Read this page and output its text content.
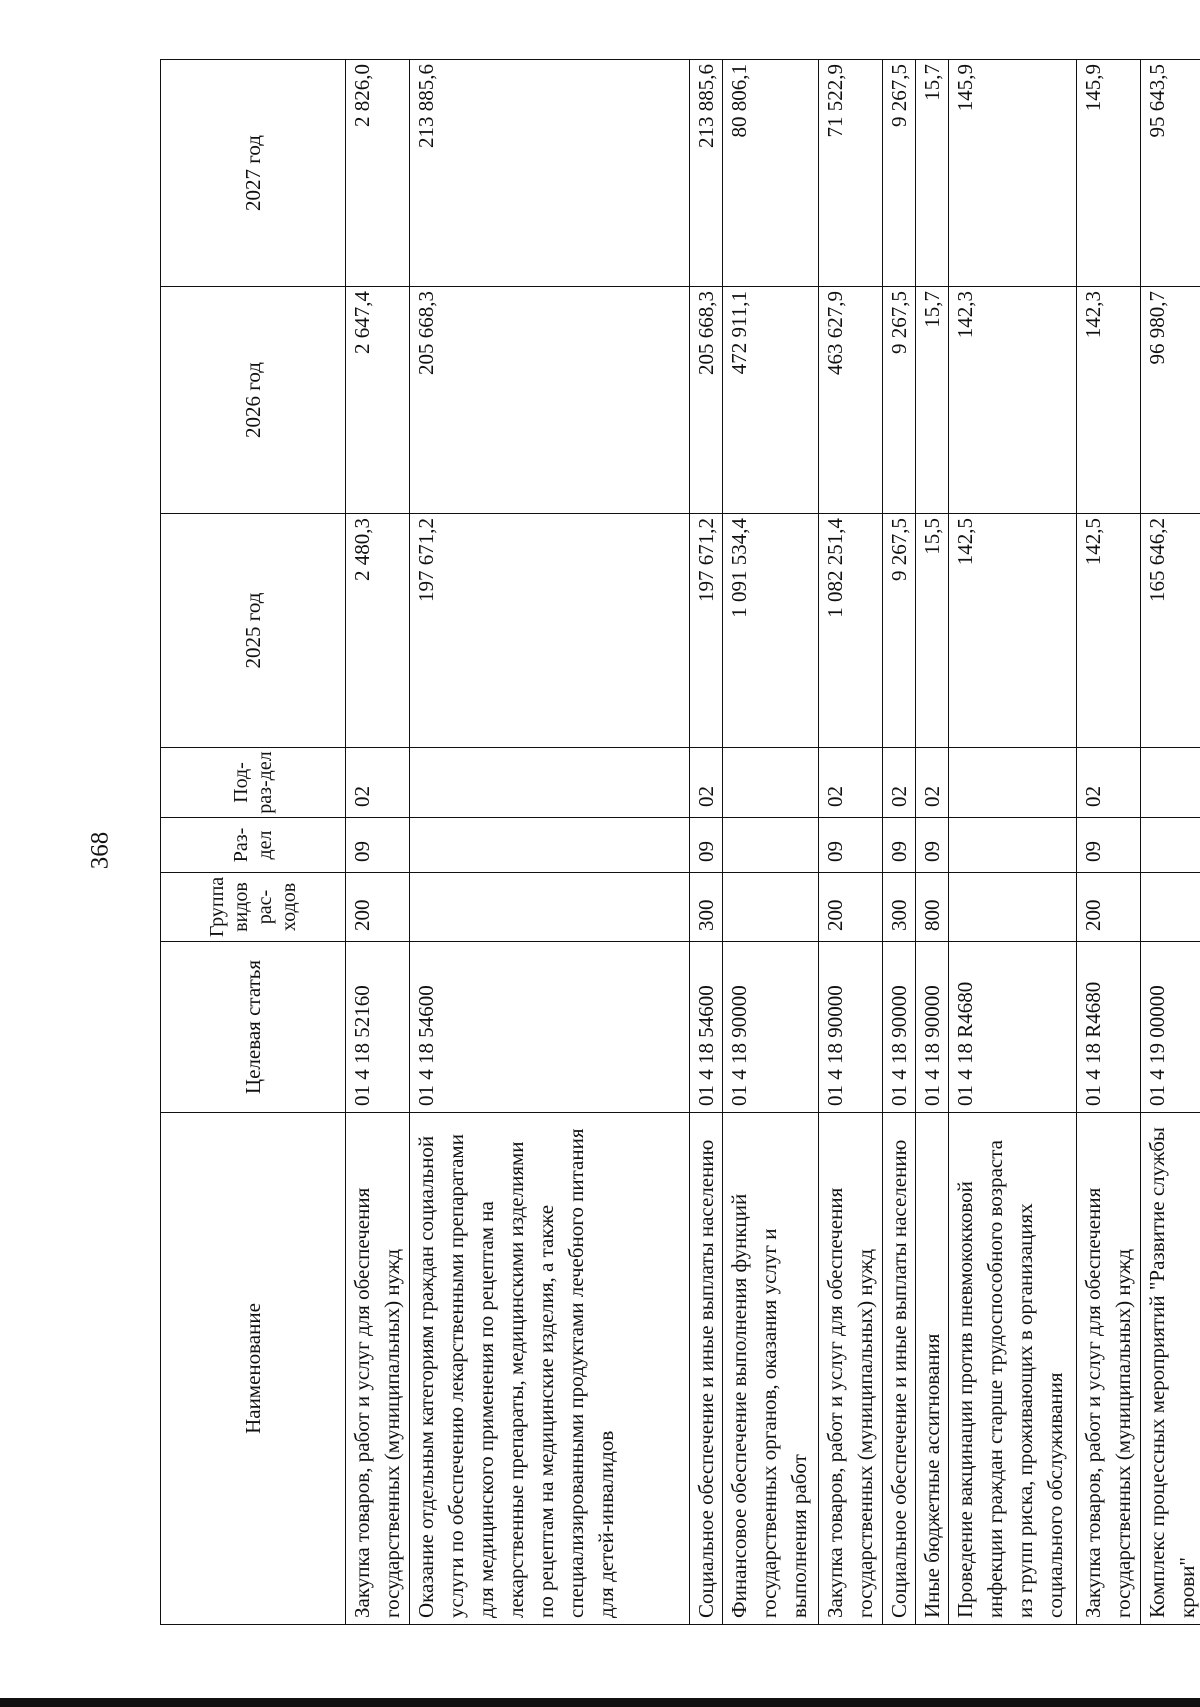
368
Наименование	Целевая статья	Группа видов рас-ходов	Раз-дел	Под-раз-дел	2025 год	2026 год	2027 год
Закупка товаров, работ и услуг для обеспечения государственных (муниципальных) нужд	01 4 18 52160	200	09	02	2 480,3	2 647,4	2 826,0
Оказание отдельным категориям граждан социальной услуги по обеспечению лекарственными препаратами для медицинского применения по рецептам на лекарственные препараты, медицинскими изделиями по рецептам на медицинские изделия, а также специализированными продуктами лечебного питания для детей-инвалидов	01 4 18 54600				197 671,2	205 668,3	213 885,6
Социальное обеспечение и иные выплаты населению	01 4 18 54600	300	09	02	197 671,2	205 668,3	213 885,6
Финансовое обеспечение выполнения функций государственных органов, оказания услуг и выполнения работ	01 4 18 90000				1 091 534,4	472 911,1	80 806,1
Закупка товаров, работ и услуг для обеспечения государственных (муниципальных) нужд	01 4 18 90000	200	09	02	1 082 251,4	463 627,9	71 522,9
Социальное обеспечение и иные выплаты населению	01 4 18 90000	300	09	02	9 267,5	9 267,5	9 267,5
Иные бюджетные ассигнования	01 4 18 90000	800	09	02	15,5	15,7	15,7
Проведение вакцинации против пневмококковой инфекции граждан старше трудоспособного возраста из групп риска, проживающих в организациях социального обслуживания	01 4 18 R4680				142,5	142,3	145,9
Закупка товаров, работ и услуг для обеспечения государственных (муниципальных) нужд	01 4 18 R4680	200	09	02	142,5	142,3	145,9
Комплекс процессных мероприятий "Развитие службы крови"	01 4 19 00000				165 646,2	96 980,7	95 643,5
